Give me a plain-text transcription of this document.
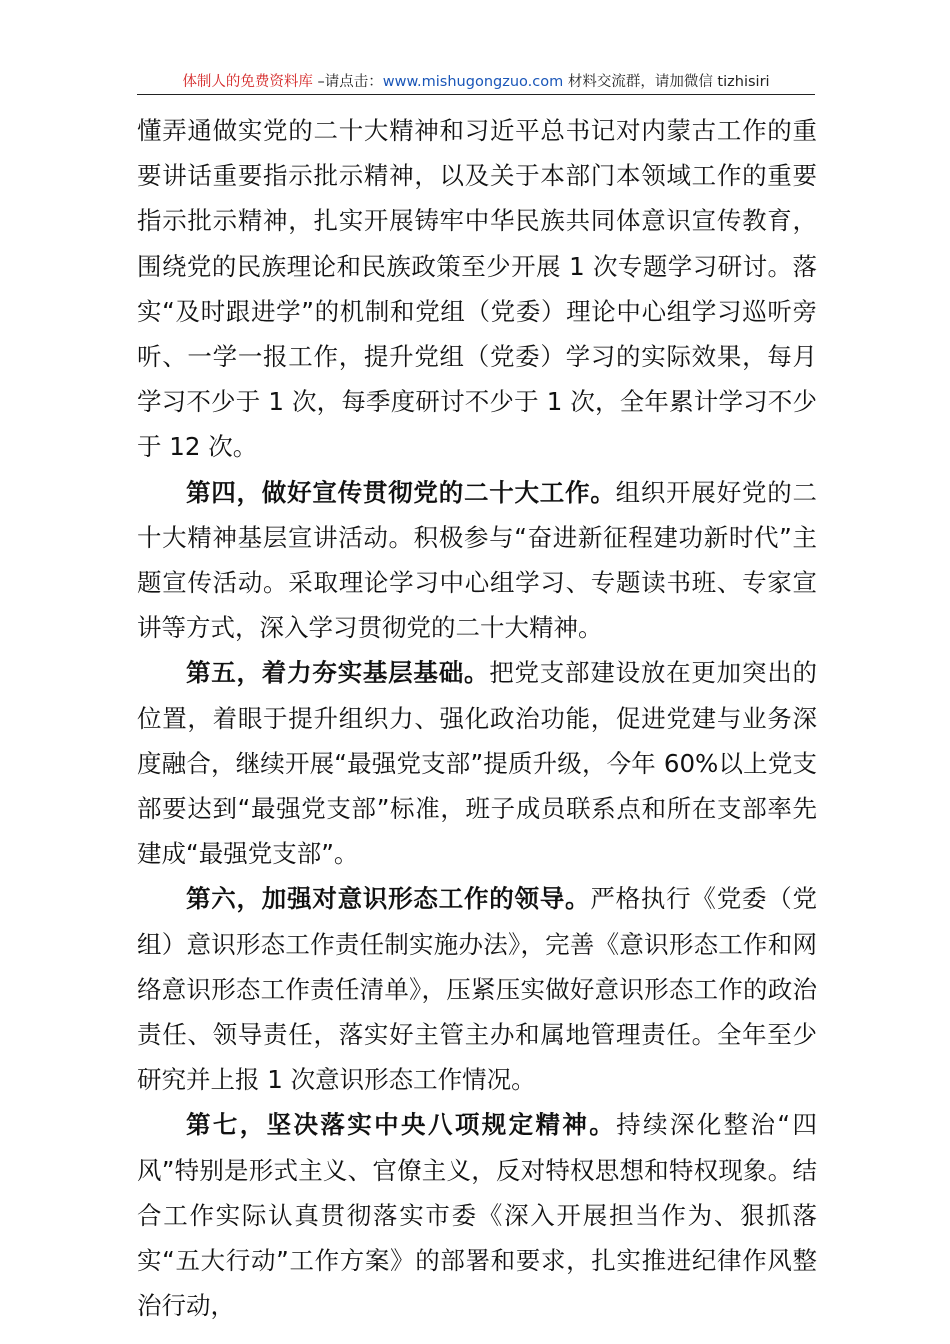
体制人的免费资料库 –请点击：www.mishugongzuo.com 材料交流群，请加微信 tizhisiri

懂弄通做实党的二十大精神和习近平总书记对内蒙古工作的重要讲话重要指示批示精神，以及关于本部门本领域工作的重要指示批示精神，扎实开展铸牢中华民族共同体意识宣传教育，围绕党的民族理论和民族政策至少开展 1 次专题学习研讨。落实“及时跟进学”的机制和党组（党委）理论中心组学习巡听旁听、一学一报工作，提升党组（党委）学习的实际效果，每月学习不少于 1 次，每季度研讨不少于 1 次，全年累计学习不少于 12 次。

第四，做好宣传贯彻党的二十大工作。组织开展好党的二十大精神基层宣讲活动。积极参与“奋进新征程建功新时代”主题宣传活动。采取理论学习中心组学习、专题读书班、专家宣讲等方式，深入学习贯彻党的二十大精神。

第五，着力夯实基层基础。把党支部建设放在更加突出的位置，着眼于提升组织力、强化政治功能，促进党建与业务深度融合，继续开展“最强党支部”提质升级，今年 60%以上党支部要达到“最强党支部”标准，班子成员联系点和所在支部率先建成“最强党支部”。

第六，加强对意识形态工作的领导。严格执行《党委（党组）意识形态工作责任制实施办法》，完善《意识形态工作和网络意识形态工作责任清单》，压紧压实做好意识形态工作的政治责任、领导责任，落实好主管主办和属地管理责任。全年至少研究并上报 1 次意识形态工作情况。

第七，坚决落实中央八项规定精神。持续深化整治“四风”特别是形式主义、官僚主义，反对特权思想和特权现象。结合工作实际认真贯彻落实市委《深入开展担当作为、狠抓落实“五大行动”工作方案》的部署和要求，扎实推进纪律作风整治行动，
